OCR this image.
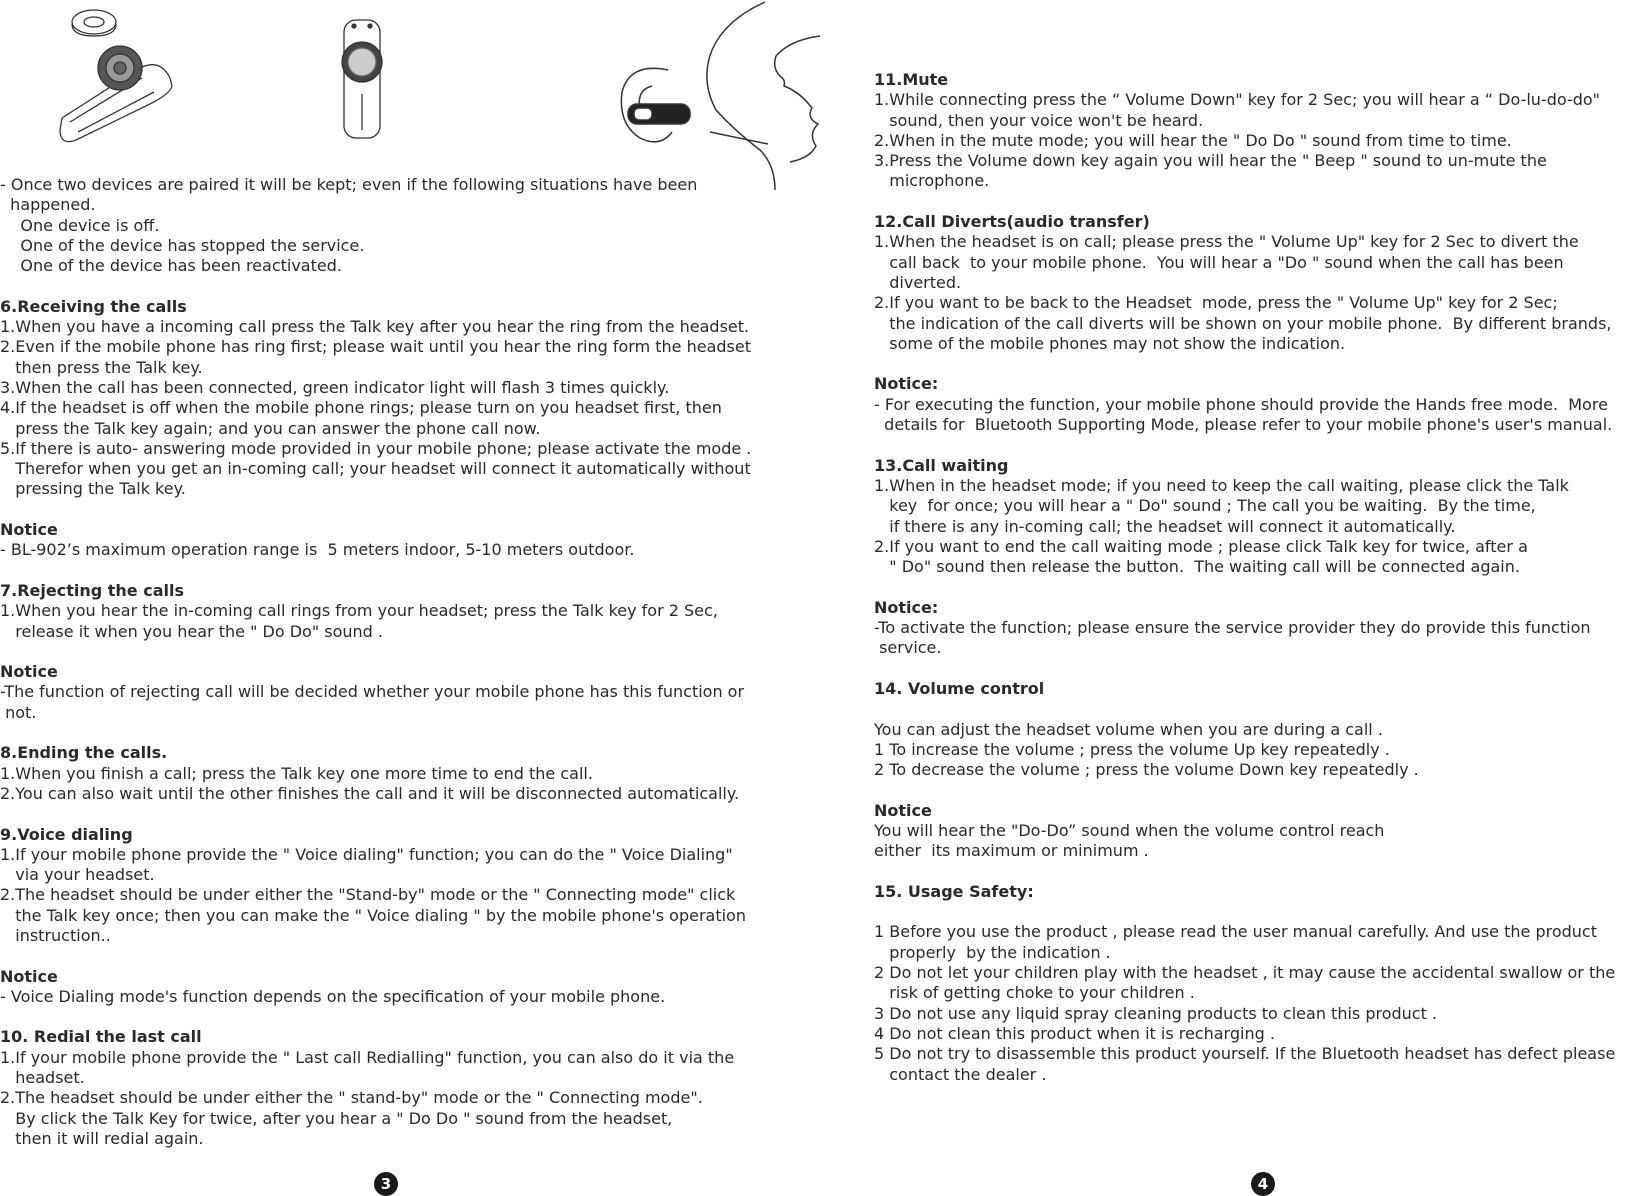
- Once two devices are paired it will be kept; even if the following situations have been
happened.
One device is off.
One of the device has stopped the service.
One of the device has been reactivated.
6.Receiving the calls
1.When you have a incoming call press the Talk key after you hear the ring from the headset.
2.Even if the mobile phone has ring first; please wait until you hear the ring form the headset
then press the Talk key.
3.When the call has been connected, green indicator light will flash 3 times quickly.
4.If the headset is off when the mobile phone rings; please turn on you headset first, then
press the Talk key again; and you can answer the phone call now.
5.If there is auto- answering mode provided in your mobile phone; please activate the mode .
Therefor when you get an in-coming call; your headset will connect it automatically without
pressing the Talk key.
Notice
- BL-902’s maximum operation range is  5 meters indoor, 5-10 meters outdoor.
7.Rejecting the calls
1.When you hear the in-coming call rings from your headset; press the Talk key for 2 Sec,
release it when you hear the " Do Do" sound .
Notice
-The function of rejecting call will be decided whether your mobile phone has this function or
not.
8.Ending the calls.
1.When you finish a call; press the Talk key one more time to end the call.
2.You can also wait until the other finishes the call and it will be disconnected automatically.
9.Voice dialing
1.If your mobile phone provide the " Voice dialing" function; you can do the " Voice Dialing"
via your headset.
2.The headset should be under either the "Stand-by" mode or the " Connecting mode" click
the Talk key once; then you can make the " Voice dialing " by the mobile phone's operation
instruction..
Notice
- Voice Dialing mode's function depends on the specification of your mobile phone.
10. Redial the last call
1.If your mobile phone provide the " Last call Redialling" function, you can also do it via the
headset.
2.The headset should be under either the " stand-by" mode or the " Connecting mode".
By click the Talk Key for twice, after you hear a " Do Do " sound from the headset,
then it will redial again.
11.Mute
1.While connecting press the “ Volume Down" key for 2 Sec; you will hear a “ Do-lu-do-do"
sound, then your voice won't be heard.
2.When in the mute mode; you will hear the " Do Do " sound from time to time.
3.Press the Volume down key again you will hear the " Beep " sound to un-mute the
microphone.
12.Call Diverts(audio transfer)
1.When the headset is on call; please press the " Volume Up" key for 2 Sec to divert the
call back  to your mobile phone.  You will hear a "Do " sound when the call has been
diverted.
2.If you want to be back to the Headset  mode, press the " Volume Up" key for 2 Sec;
the indication of the call diverts will be shown on your mobile phone.  By different brands,
some of the mobile phones may not show the indication.
Notice:
- For executing the function, your mobile phone should provide the Hands free mode.  More
details for  Bluetooth Supporting Mode, please refer to your mobile phone's user's manual.
13.Call waiting
1.When in the headset mode; if you need to keep the call waiting, please click the Talk
key  for once; you will hear a " Do" sound ; The call you be waiting.  By the time,
if there is any in-coming call; the headset will connect it automatically.
2.If you want to end the call waiting mode ; please click Talk key for twice, after a
" Do" sound then release the button.  The waiting call will be connected again.
Notice:
-To activate the function; please ensure the service provider they do provide this function
service.
14. Volume control
You can adjust the headset volume when you are during a call .
1 To increase the volume ; press the volume Up key repeatedly .
2 To decrease the volume ; press the volume Down key repeatedly .
Notice
You will hear the "Do-Do” sound when the volume control reach
either  its maximum or minimum .
15. Usage Safety:
1 Before you use the product , please read the user manual carefully. And use the product
properly  by the indication .
2 Do not let your children play with the headset , it may cause the accidental swallow or the
risk of getting choke to your children .
3 Do not use any liquid spray cleaning products to clean this product .
4 Do not clean this product when it is recharging .
5 Do not try to disassemble this product yourself. If the Bluetooth headset has defect please
contact the dealer .
3	4
